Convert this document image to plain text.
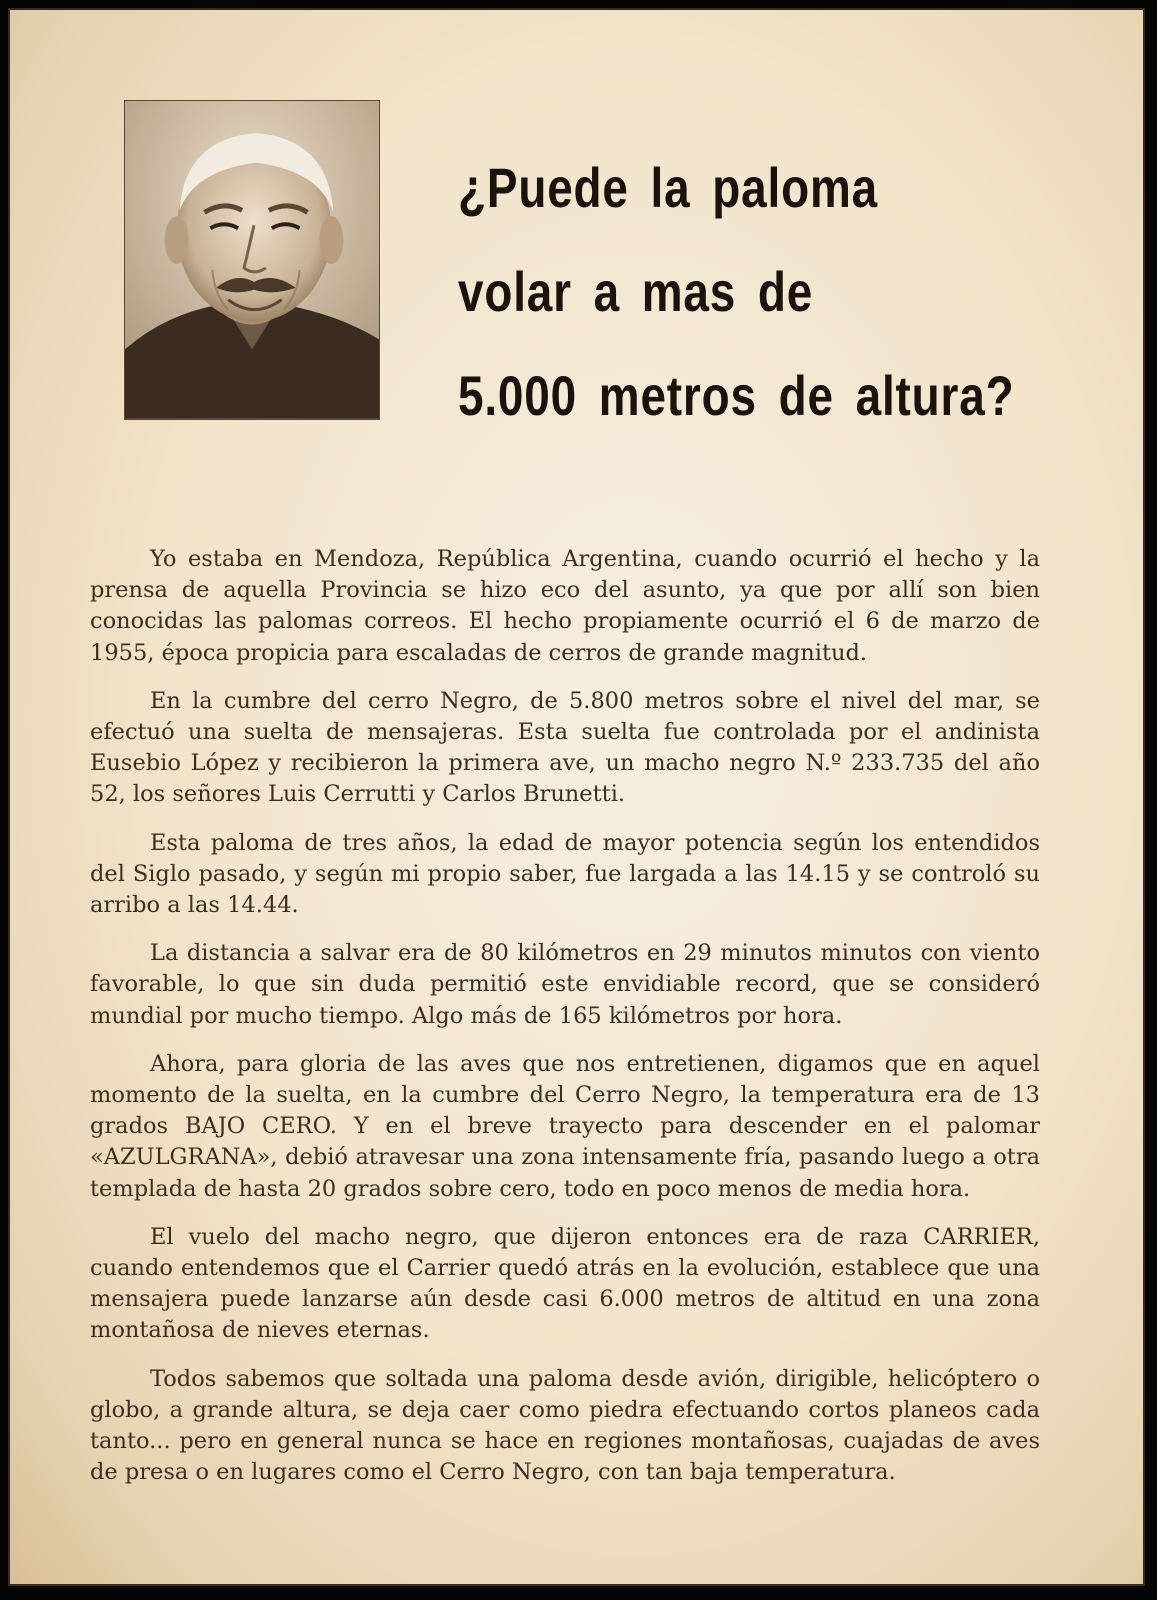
¿Puede la paloma
volar a mas de
5.000 metros de altura?

Yo estaba en Mendoza, República Argentina, cuando ocurrió el hecho y la prensa de aquella Provincia se hizo eco del asunto, ya que por allí son bien conocidas las palomas correos. El hecho propiamente ocurrió el 6 de marzo de 1955, época propicia para escaladas de cerros de grande magnitud.

En la cumbre del cerro Negro, de 5.800 metros sobre el nivel del mar, se efectuó una suelta de mensajeras. Esta suelta fue controlada por el andinista Eusebio López y recibieron la primera ave, un macho negro N.º 233.735 del año 52, los señores Luis Cerrutti y Carlos Brunetti.

Esta paloma de tres años, la edad de mayor potencia según los entendidos del Siglo pasado, y según mi propio saber, fue largada a las 14.15 y se controló su arribo a las 14.44.

La distancia a salvar era de 80 kilómetros en 29 minutos minutos con viento favorable, lo que sin duda permitió este envidiable record, que se consideró mundial por mucho tiempo. Algo más de 165 kilómetros por hora.

Ahora, para gloria de las aves que nos entretienen, digamos que en aquel momento de la suelta, en la cumbre del Cerro Negro, la temperatura era de 13 grados BAJO CERO. Y en el breve trayecto para descender en el palomar «AZULGRANA», debió atravesar una zona intensamente fría, pasando luego a otra templada de hasta 20 grados sobre cero, todo en poco menos de media hora.

El vuelo del macho negro, que dijeron entonces era de raza CARRIER, cuando entendemos que el Carrier quedó atrás en la evolución, establece que una mensajera puede lanzarse aún desde casi 6.000 metros de altitud en una zona montañosa de nieves eternas.

Todos sabemos que soltada una paloma desde avión, dirigible, helicóptero o globo, a grande altura, se deja caer como piedra efectuando cortos planeos cada tanto... pero en general nunca se hace en regiones montañosas, cuajadas de aves de presa o en lugares como el Cerro Negro, con tan baja temperatura.
